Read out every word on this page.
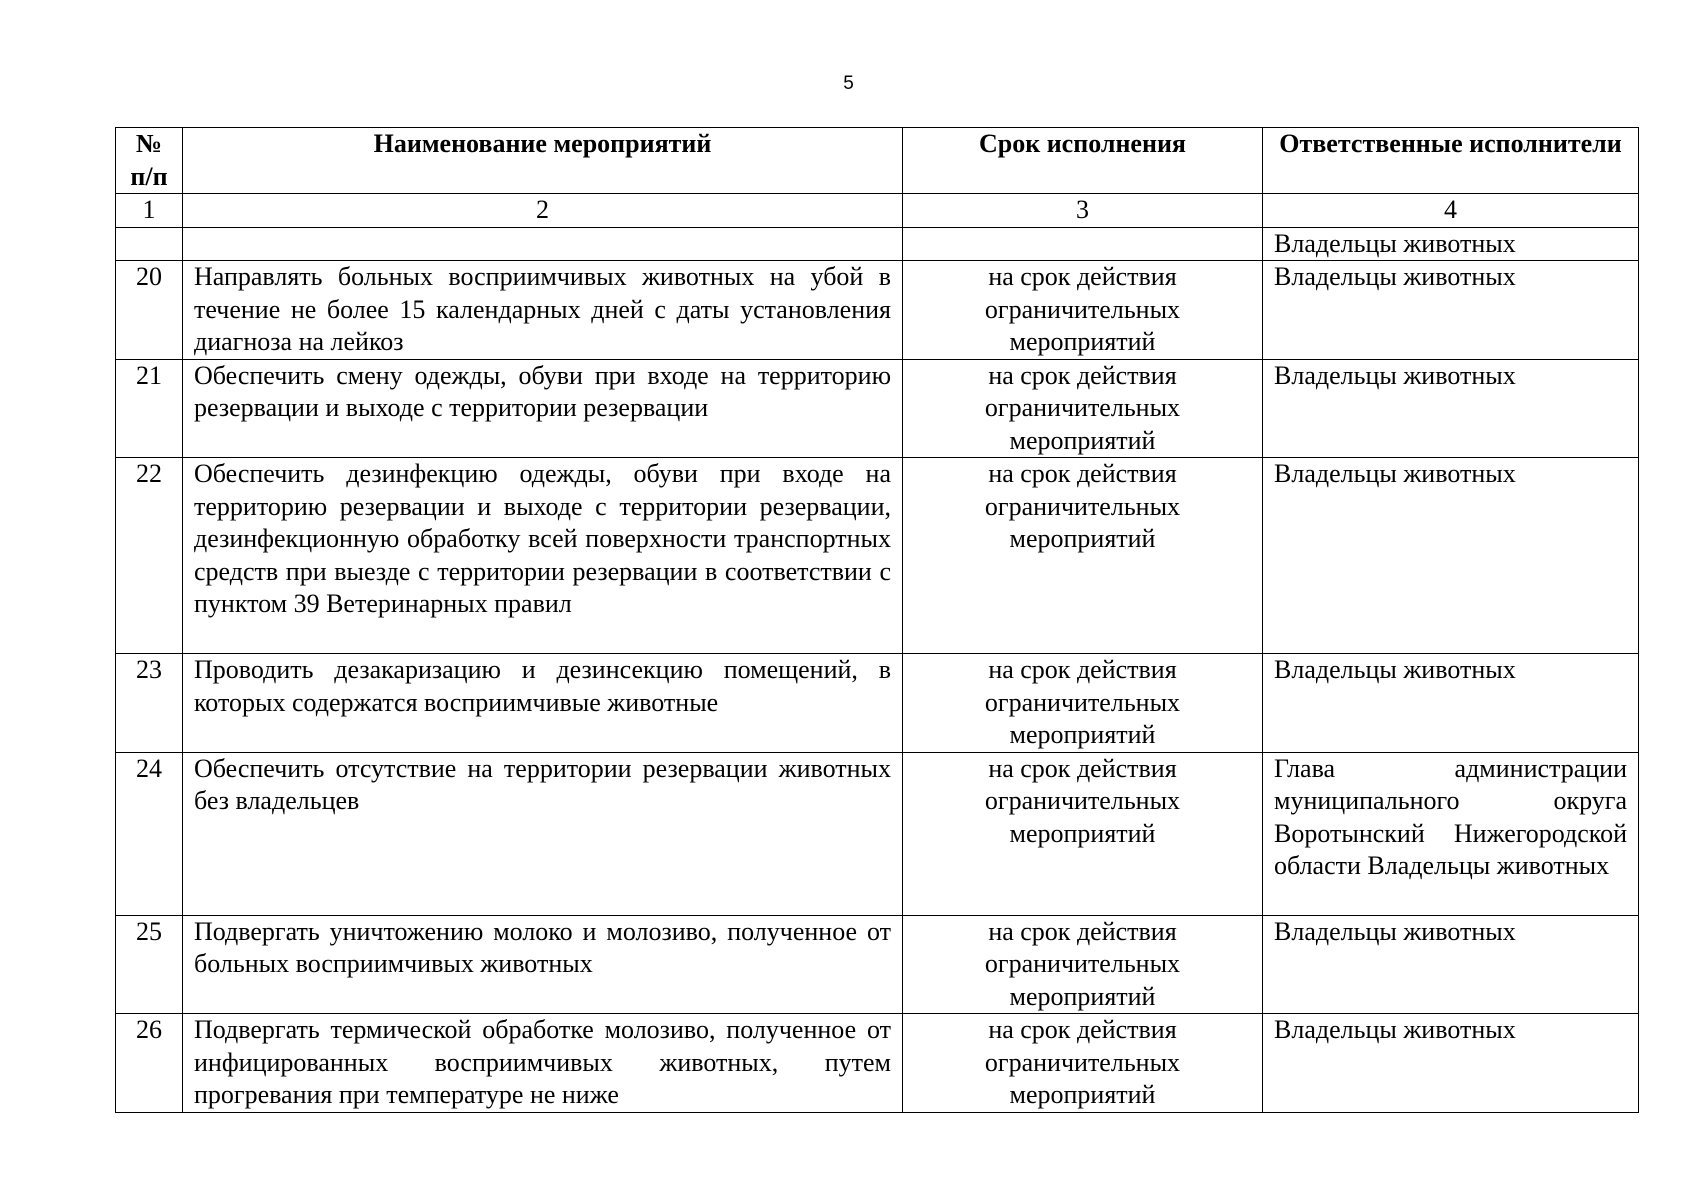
5
№ п/п	Наименование мероприятий	Срок исполнения	Ответственные исполнители
1	2	3	4
			Владельцы животных
20	Направлять больных восприимчивых животных на убой в течение не более 15 календарных дней с даты установления диагноза на лейкоз	на срок действия ограничительных мероприятий	Владельцы животных
21	Обеспечить смену одежды, обуви при входе на территорию резервации и выходе с территории резервации	на срок действия ограничительных мероприятий	Владельцы животных
22	Обеспечить дезинфекцию одежды, обуви при входе на территорию резервации и выходе с территории резервации, дезинфекционную обработку всей поверхности транспортных средств при выезде с территории резервации в соответствии с пунктом 39 Ветеринарных правил	на срок действия ограничительных мероприятий	Владельцы животных
23	Проводить дезакаризацию и дезинсекцию помещений, в которых содержатся восприимчивые животные	на срок действия ограничительных мероприятий	Владельцы животных
24	Обеспечить отсутствие на территории резервации животных без владельцев	на срок действия ограничительных мероприятий	Глава администрации муниципального округа Воротынский Нижегородской области Владельцы животных
25	Подвергать уничтожению молоко и молозиво, полученное от больных восприимчивых животных	на срок действия ограничительных мероприятий	Владельцы животных
26	Подвергать термической обработке молозиво, полученное от инфицированных восприимчивых животных, путем прогревания при температуре не ниже	на срок действия ограничительных мероприятий	Владельцы животных
